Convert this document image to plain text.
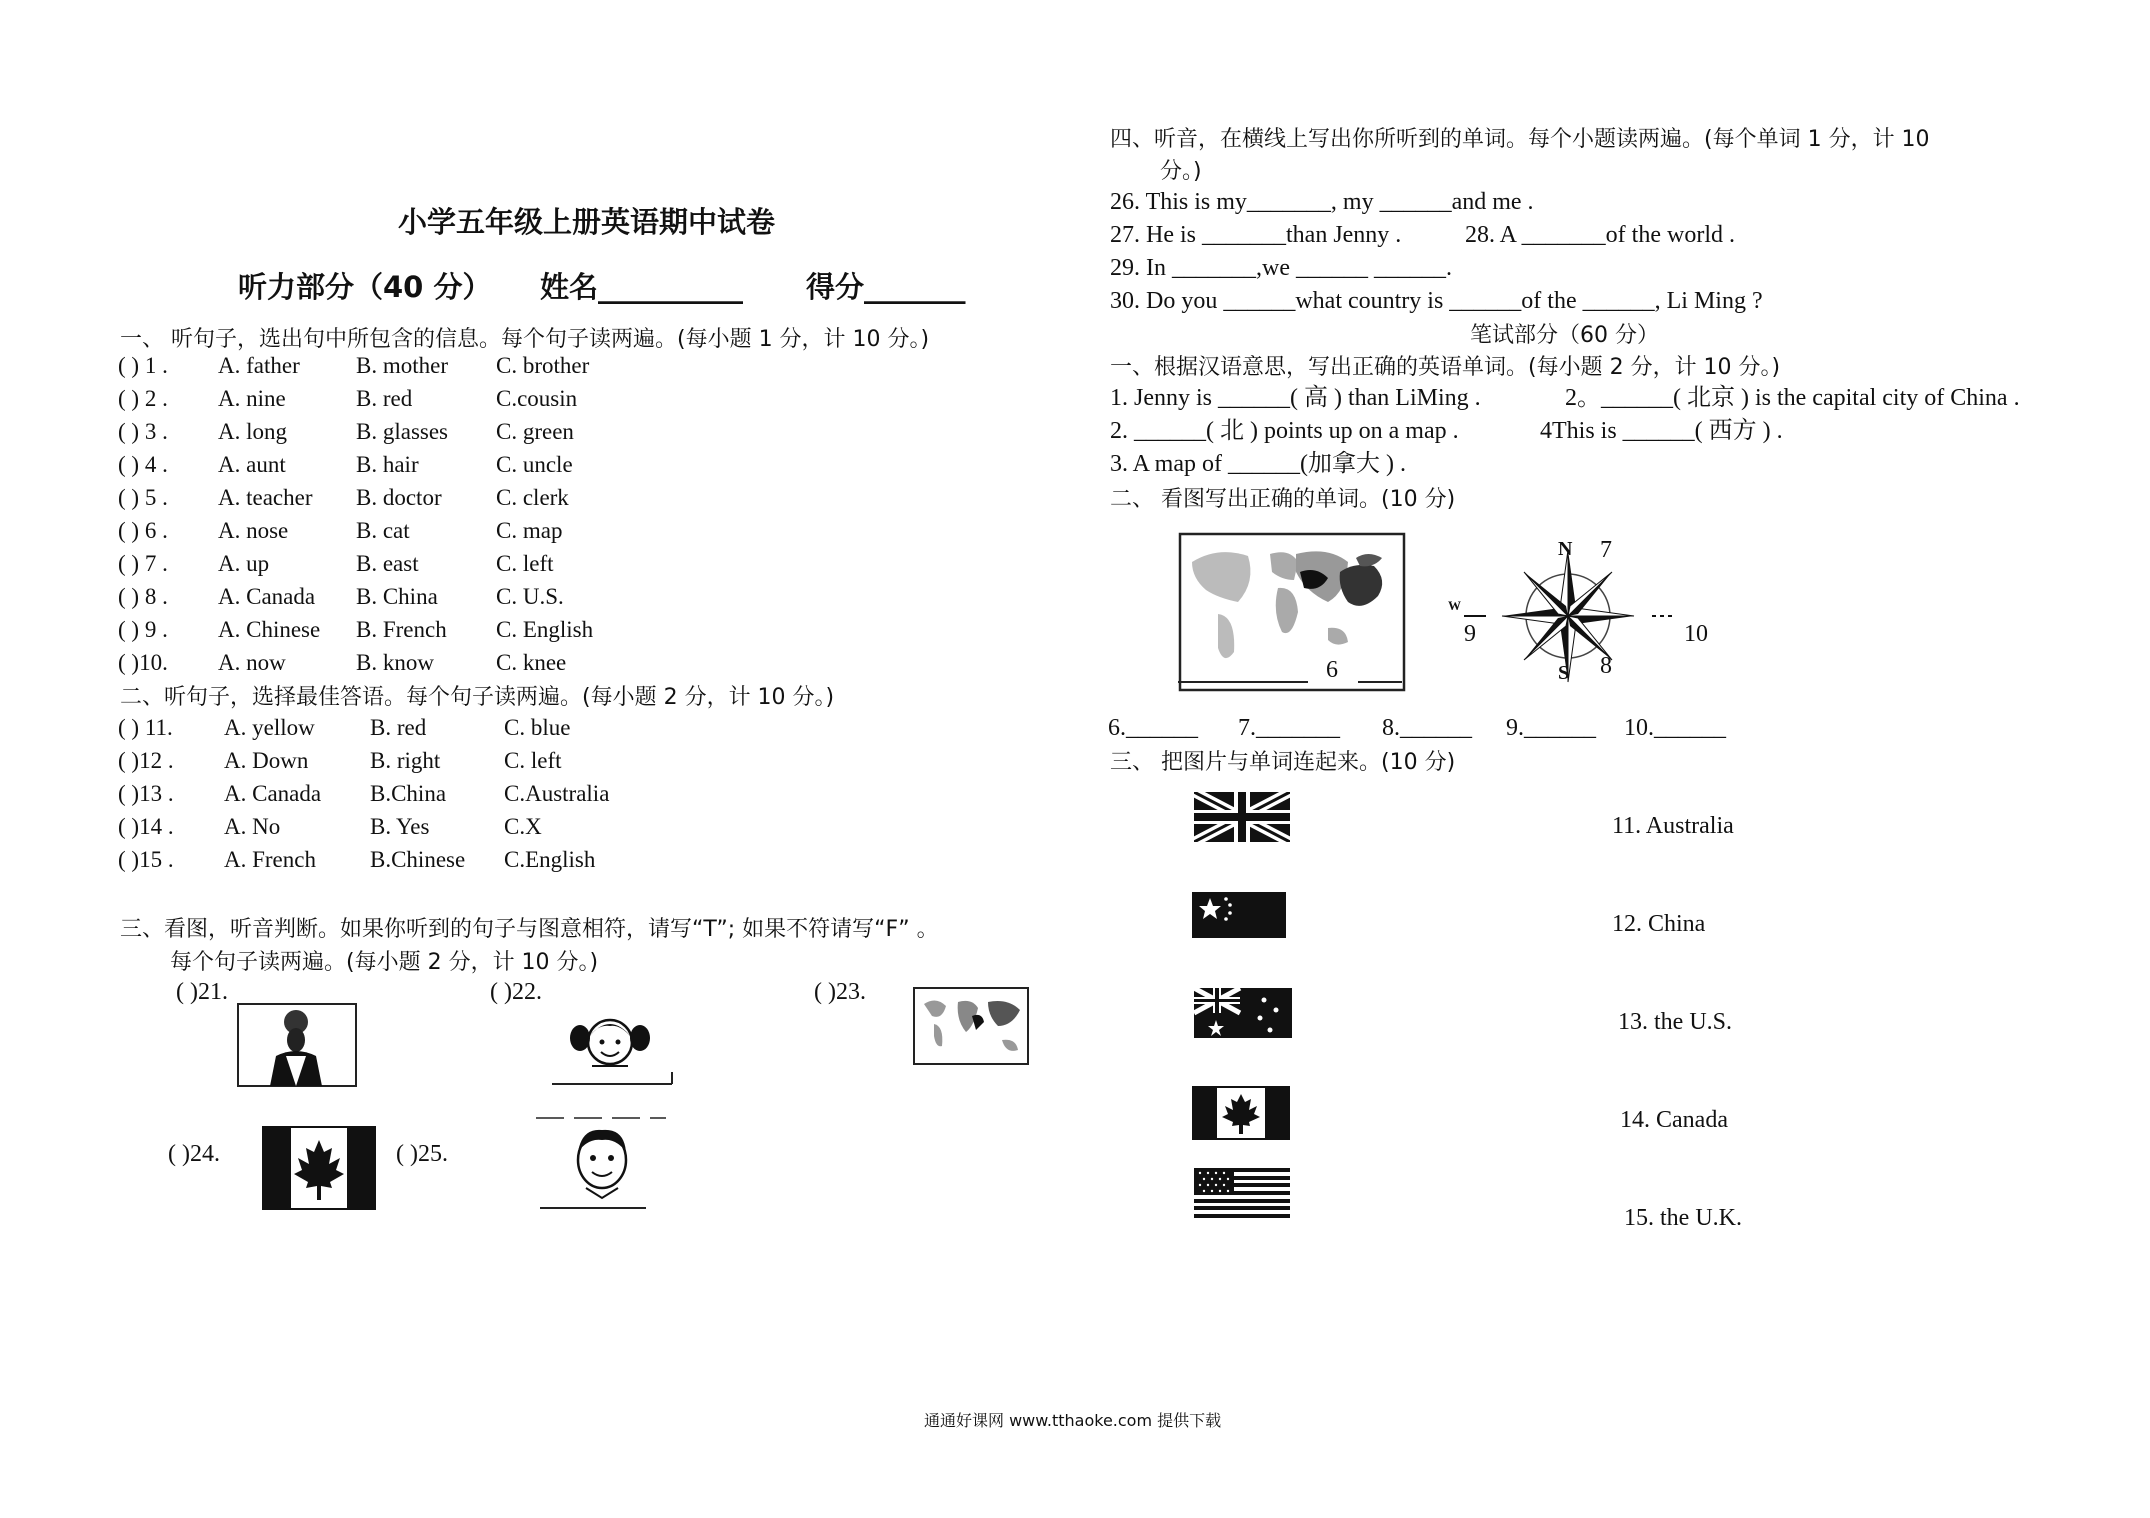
小学五年级上册英语期中试卷
听力部分（40 分） 姓名__________ 得分_______
一、 听句子，选出句中所包含的信息。每个句子读两遍。(每小题 1 分，计 10 分。)
( ) 1 . A. father B. mother C. brother
( ) 2 . A. nine	B. red	C.cousin
( ) 3 . A. long	B. glasses C. green
( ) 4 . A. aunt	B. hair	C. uncle
( ) 5 . A. teacher B. doctor C. clerk
( ) 6 . A. nose	B. cat	C. map
( ) 7 . A. up	B. east	C. left
( ) 8 . A. Canada B. China	C. U.S.
( ) 9 . A. Chinese B. French C. English
( )10. A. now	B. know	C. knee
二、听句子，选择最佳答语。每个句子读两遍。(每小题 2 分，计 10 分。)
( ) 11. A. yellow B. red	C. blue
( )12 . A. Down	B. right	C. left
( )13 . A. Canada B.China	C.Australia
( )14 . A. No	B. Yes	C.X
( )15 . A. French B.Chinese C.English
三、看图，听音判断。如果你听到的句子与图意相符，请写“T”; 如果不符请写“F” 。
每个句子读两遍。(每小题 2 分，计 10 分。)
( )21.	( )22.	( )23.
( )24.	( )25.
四、听音，在横线上写出你所听到的单词。每个小题读两遍。(每个单词 1 分，计 10
分。)
26. This is my_______, my ______and me .
27. He is _______than Jenny .	28. A _______of the world .
29. In _______,we ______ ______.
30. Do you ______what country is ______of the ______, Li Ming ?
笔试部分（60 分）
一、根据汉语意思，写出正确的英语单词。(每小题 2 分，计 10 分。)
1. Jenny is ______( 高 ) than LiMing .	2。______( 北京 ) is the capital city of China .
2. ______( 北 ) points up on a map .	4This is ______( 西方 ) .
3. A map of ______(加拿大 ) .
二、 看图写出正确的单词。(10 分)
6
N
S
W
7
8
9	10
6.______ 7._______ 8.______ 9.______ 10.______
三、 把图片与单词连起来。(10 分)
11. Australia
12. China
13. the U.S.
14. Canada
15. the U.K.
通通好课网 www.tthaoke.com 提供下载
